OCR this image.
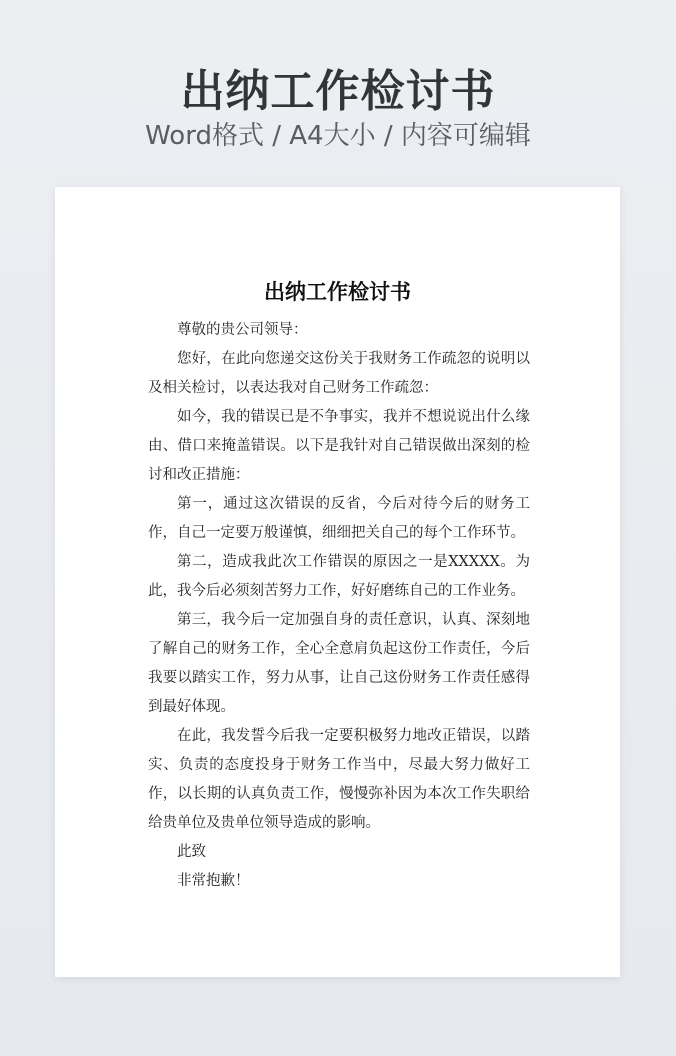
出纳工作检讨书
Word格式 / A4大小 / 内容可编辑
出纳工作检讨书

尊敬的贵公司领导：

您好，在此向您递交这份关于我财务工作疏忽的说明以及相关检讨，以表达我对自己财务工作疏忽：

如今，我的错误已是不争事实，我并不想说说出什么缘由、借口来掩盖错误。以下是我针对自己错误做出深刻的检讨和改正措施：

第一，通过这次错误的反省，今后对待今后的财务工作，自己一定要万般谨慎，细细把关自己的每个工作环节。

第二，造成我此次工作错误的原因之一是XXXXX。为此，我今后必须刻苦努力工作，好好磨练自己的工作业务。

第三，我今后一定加强自身的责任意识，认真、深刻地了解自己的财务工作，全心全意肩负起这份工作责任，今后我要以踏实工作，努力从事，让自己这份财务工作责任感得到最好体现。

在此，我发誓今后我一定要积极努力地改正错误，以踏实、负责的态度投身于财务工作当中，尽最大努力做好工作，以长期的认真负责工作，慢慢弥补因为本次工作失职给给贵单位及贵单位领导造成的影响。

此致

非常抱歉！
